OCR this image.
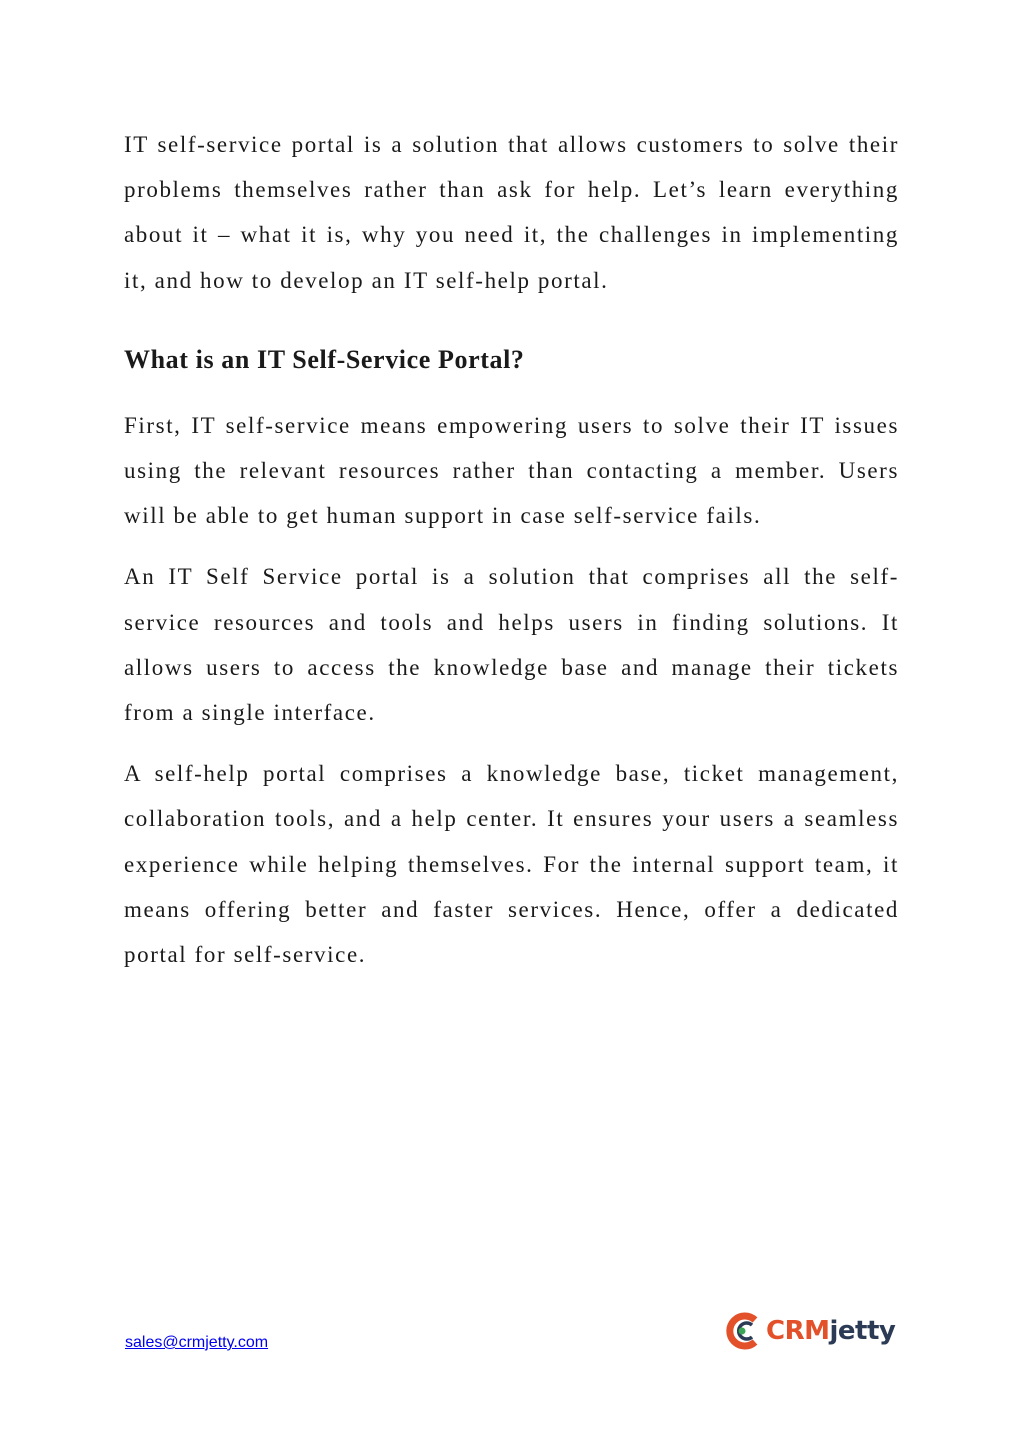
IT self-service portal is a solution that allows customers to solve their problems themselves rather than ask for help. Let’s learn everything about it – what it is, why you need it, the challenges in implementing it, and how to develop an IT self-help portal.

What is an IT Self-Service Portal?

First, IT self-service means empowering users to solve their IT issues using the relevant resources rather than contacting a member. Users will be able to get human support in case self-service fails.

An IT Self Service portal is a solution that comprises all the self-service resources and tools and helps users in finding solutions. It allows users to access the knowledge base and manage their tickets from a single interface.

A self-help portal comprises a knowledge base, ticket management, collaboration tools, and a help center. It ensures your users a seamless experience while helping themselves. For the internal support team, it means offering better and faster services. Hence, offer a dedicated portal for self-service.

sales@crmjetty.com	CRM jetty
